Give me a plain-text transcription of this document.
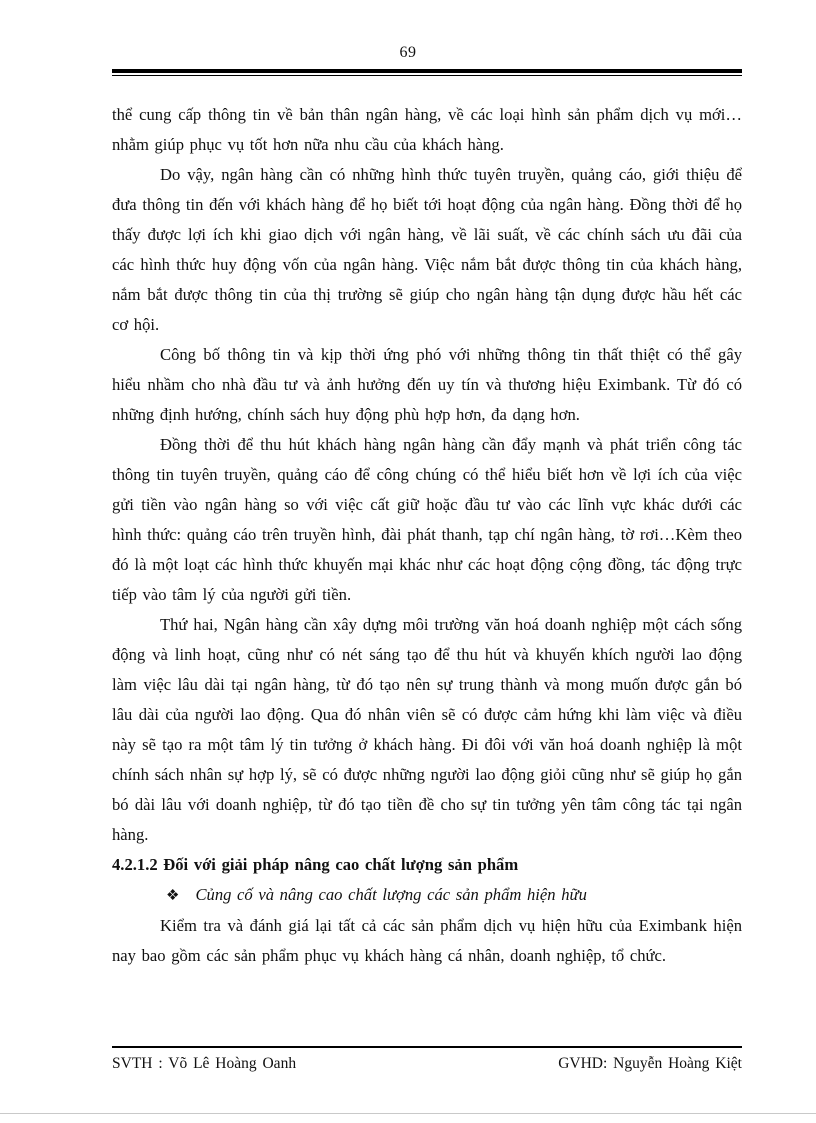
69

thể cung cấp thông tin về bản thân ngân hàng, về các loại hình sản phẩm dịch vụ mới…nhằm giúp phục vụ tốt hơn nữa nhu cầu của khách hàng.

Do vậy, ngân hàng cần có những hình thức tuyên truyền, quảng cáo, giới thiệu để đưa thông tin đến với khách hàng để họ biết tới hoạt động của ngân hàng. Đồng thời để họ thấy được lợi ích khi giao dịch với ngân hàng, về lãi suất, về các chính sách ưu đãi của các hình thức huy động vốn của ngân hàng. Việc nắm bắt được thông tin của khách hàng, nắm bắt được thông tin của thị trường sẽ giúp cho ngân hàng tận dụng được hầu hết các cơ hội.

Công bố thông tin và kịp thời ứng phó với những thông tin thất thiệt có thể gây hiểu nhầm cho nhà đầu tư và ảnh hưởng đến uy tín và thương hiệu Eximbank. Từ đó có những định hướng, chính sách huy động phù hợp hơn, đa dạng hơn.

Đồng thời để thu hút khách hàng ngân hàng cần đẩy mạnh và phát triển công tác thông tin tuyên truyền, quảng cáo để công chúng có thể hiểu biết hơn về lợi ích của việc gửi tiền vào ngân hàng so với việc cất giữ hoặc đầu tư vào các lĩnh vực khác dưới các hình thức: quảng cáo trên truyền hình, đài phát thanh, tạp chí ngân hàng, tờ rơi…Kèm theo đó là một loạt các hình thức khuyến mại khác như các hoạt động cộng đồng, tác động trực tiếp vào tâm lý của người gửi tiền.

Thứ hai, Ngân hàng cần xây dựng môi trường văn hoá doanh nghiệp một cách sống động và linh hoạt, cũng như có nét sáng tạo để thu hút và khuyến khích người lao động làm việc lâu dài tại ngân hàng, từ đó tạo nên sự trung thành và mong muốn được gắn bó lâu dài của người lao động. Qua đó nhân viên sẽ có được cảm hứng khi làm việc và điều này sẽ tạo ra một tâm lý tin tưởng ở khách hàng. Đi đôi với văn hoá doanh nghiệp là một chính sách nhân sự hợp lý, sẽ có được những người lao động giỏi cũng như sẽ giúp họ gắn bó dài lâu với doanh nghiệp, từ đó tạo tiền đề cho sự tin tưởng yên tâm công tác tại ngân hàng.

4.2.1.2 Đối với giải pháp nâng cao chất lượng sản phẩm

❖ Củng cố và nâng cao chất lượng các sản phẩm hiện hữu

Kiểm tra và đánh giá lại tất cả các sản phẩm dịch vụ hiện hữu của Eximbank hiện nay bao gồm các sản phẩm phục vụ khách hàng cá nhân, doanh nghiệp, tổ chức.

SVTH : Võ Lê Hoàng Oanh	GVHD: Nguyễn Hoàng Kiệt
